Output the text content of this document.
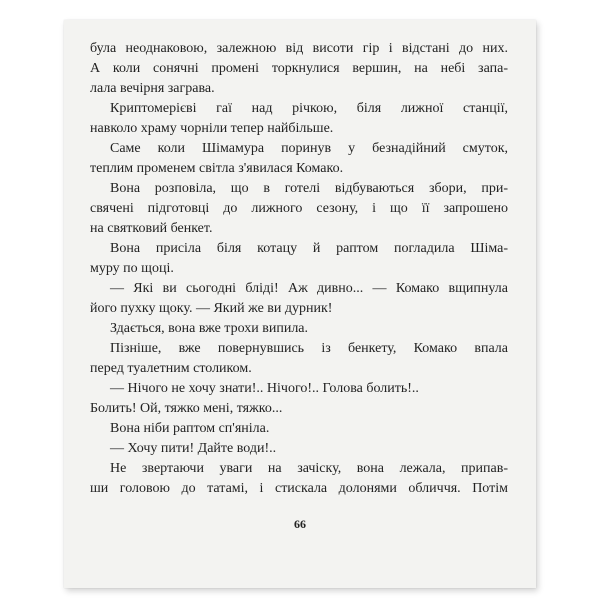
була неоднаковою, залежною від висоти гір і відстані до них.
А коли сонячні промені торкнулися вершин, на небі запа-
лала вечірня заграва.
Криптомерієві гаї над річкою, біля лижної станції,
навколо храму чорніли тепер найбільше.
Саме коли Шімамура поринув у безнадійний смуток,
теплим променем світла з'явилася Комако.
Вона розповіла, що в готелі відбуваються збори, при-
свячені підготовці до лижного сезону, і що її запрошено
на святковий бенкет.
Вона присіла біля котацу й раптом погладила Шіма-
муру по щоці.
— Які ви сьогодні бліді! Аж дивно... — Комако вщипнула
його пухку щоку. — Який же ви дурник!
Здається, вона вже трохи випила.
Пізніше, вже повернувшись із бенкету, Комако впала
перед туалетним столиком.
— Нічого не хочу знати!.. Нічого!.. Голова болить!..
Болить! Ой, тяжко мені, тяжко...
Вона ніби раптом сп'яніла.
— Хочу пити! Дайте води!..
Не звертаючи уваги на зачіску, вона лежала, припав-
ши головою до татамі, і стискала долонями обличчя. Потім
66
